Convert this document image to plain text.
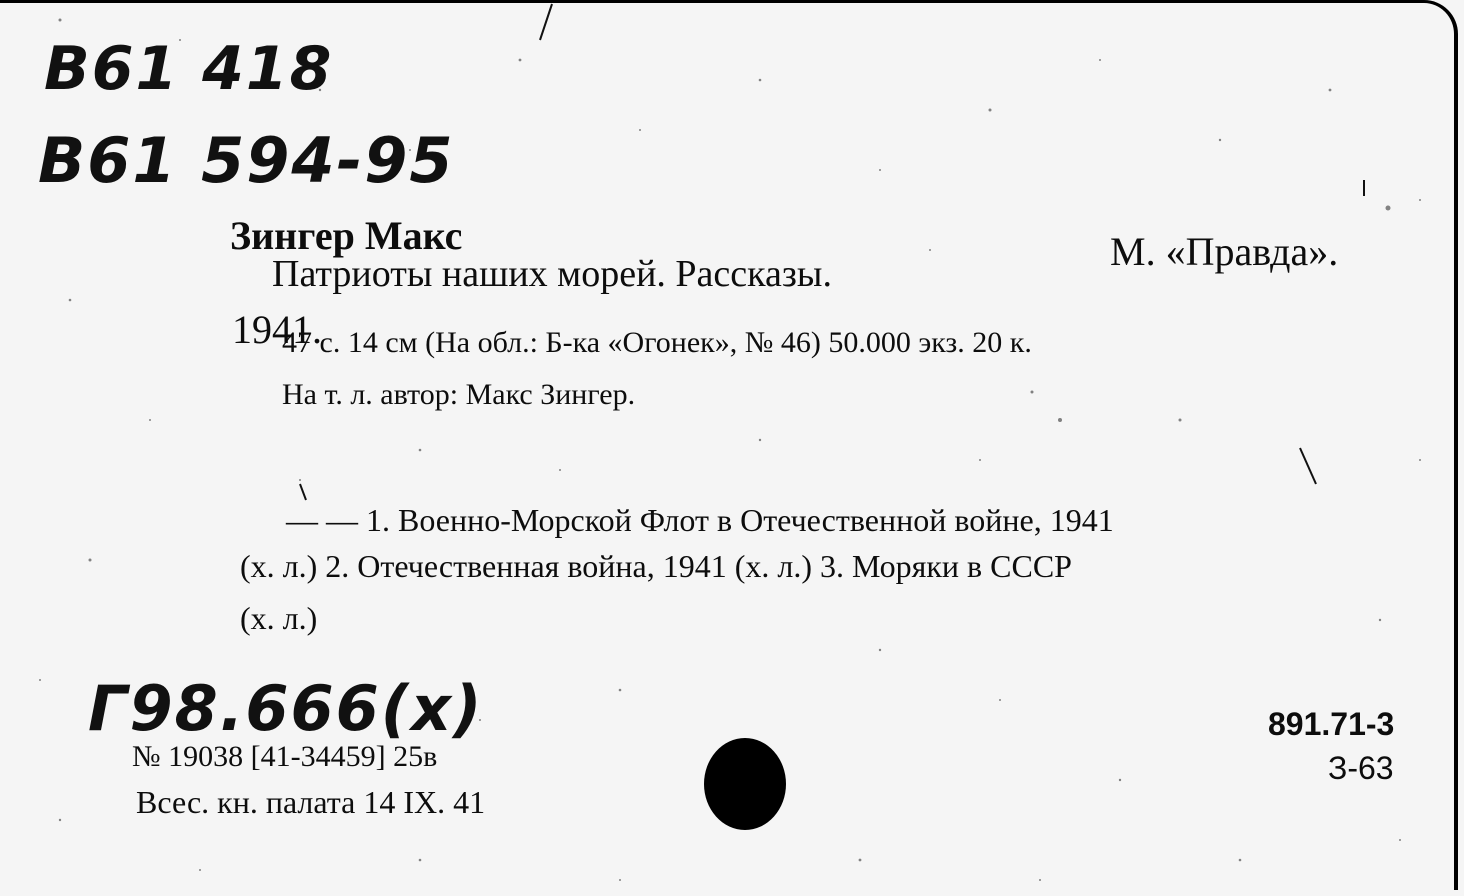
В61 418
В61 594-95
Зингер Макс
Патриоты наших морей. Рассказы.	М. «Правда».
1941.
47 с. 14 см (На обл.: Б-ка «Огонек», № 46) 50.000 экз. 20 к.
На т. л. автор: Макс Зингер.
— — 1. Военно-Морской Флот в Отечественной войне, 1941
(х. л.) 2. Отечественная война, 1941 (х. л.) 3. Моряки в СССР
(х. л.)
Г98.666(х)
№ 19038 [41-34459] 25в
Всес. кн. палата 14 IX. 41
891.71-3
З-63
